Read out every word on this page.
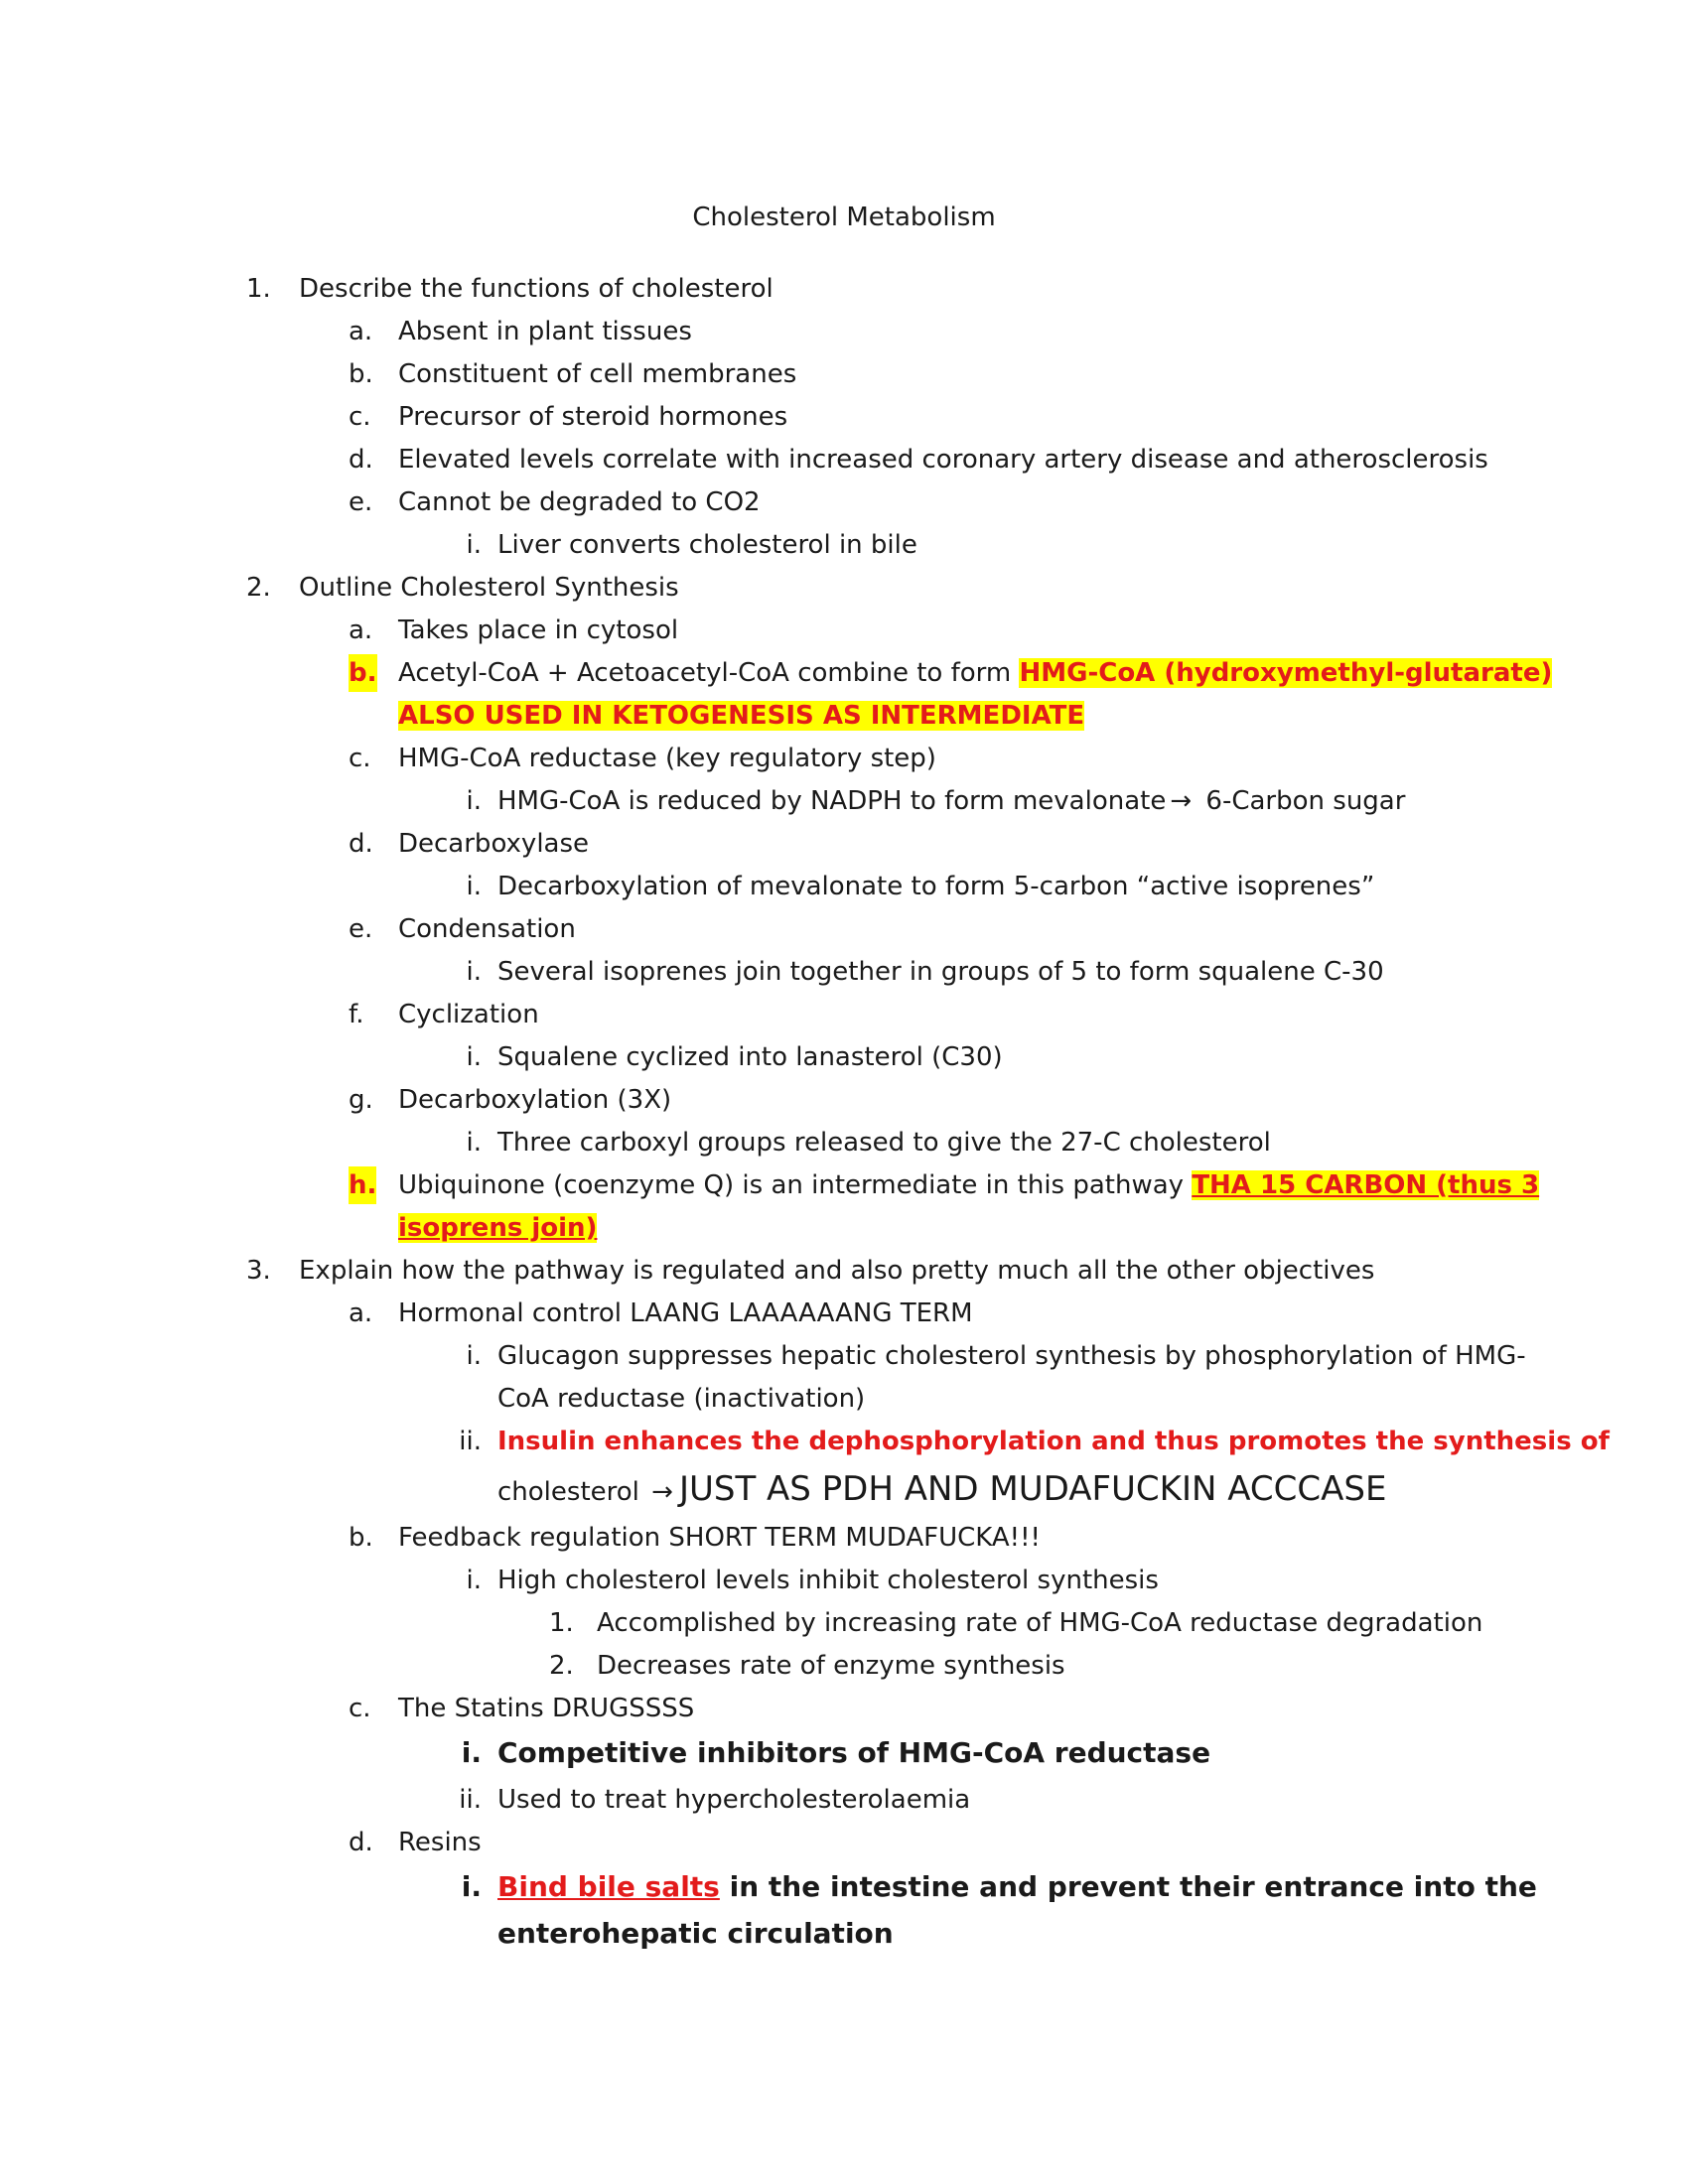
Cholesterol Metabolism
1. Describe the functions of cholesterol
a. Absent in plant tissues
b. Constituent of cell membranes
c. Precursor of steroid hormones
d. Elevated levels correlate with increased coronary artery disease and atherosclerosis
e. Cannot be degraded to CO2
i. Liver converts cholesterol in bile
2. Outline Cholesterol Synthesis
a. Takes place in cytosol
b. Acetyl-CoA + Acetoacetyl-CoA combine to form HMG-CoA (hydroxymethyl-glutarate)
ALSO USED IN KETOGENESIS AS INTERMEDIATE
c. HMG-CoA reductase (key regulatory step)
i. HMG-CoA is reduced by NADPH to form mevalonate → 6-Carbon sugar
d. Decarboxylase
i. Decarboxylation of mevalonate to form 5-carbon “active isoprenes”
e. Condensation
i. Several isoprenes join together in groups of 5 to form squalene C-30
f. Cyclization
i. Squalene cyclized into lanasterol (C30)
g. Decarboxylation (3X)
i. Three carboxyl groups released to give the 27-C cholesterol
h. Ubiquinone (coenzyme Q) is an intermediate in this pathway THA 15 CARBON (thus 3
isoprens join)
3. Explain how the pathway is regulated and also pretty much all the other objectives
a. Hormonal control LAANG LAAAAAANG TERM
i. Glucagon suppresses hepatic cholesterol synthesis by phosphorylation of HMG-
CoA reductase (inactivation)
ii. Insulin enhances the dephosphorylation and thus promotes the synthesis of
cholesterol → JUST AS PDH AND MUDAFUCKIN ACCCASE
b. Feedback regulation SHORT TERM MUDAFUCKA!!!
i. High cholesterol levels inhibit cholesterol synthesis
1. Accomplished by increasing rate of HMG-CoA reductase degradation
2. Decreases rate of enzyme synthesis
c. The Statins DRUGSSSS
i. Competitive inhibitors of HMG-CoA reductase
ii. Used to treat hypercholesterolaemia
d. Resins
i. Bind bile salts in the intestine and prevent their entrance into the
enterohepatic circulation
